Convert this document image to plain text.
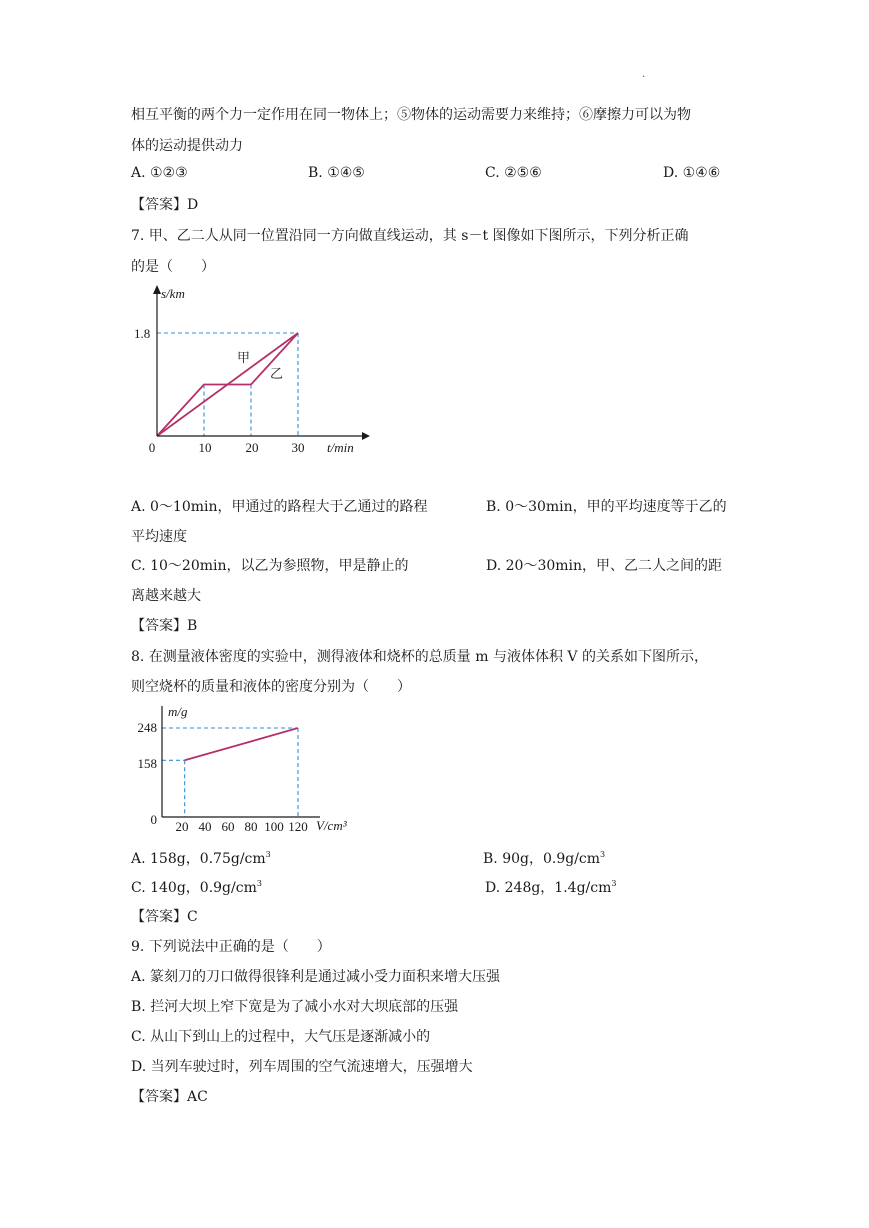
·
相互平衡的两个力一定作用在同一物体上；⑤物体的运动需要力来维持；⑥摩擦力可以为物
体的运动提供动力
A. ①②③	B. ①④⑤	C. ②⑤⑥	D. ①④⑥
【答案】D
7. 甲、乙二人从同一位置沿同一方向做直线运动，其 s－t 图像如下图所示，下列分析正确
的是（　　）
s/km
t/min
0	10	20	30
1.8
甲
乙
A. 0～10min，甲通过的路程大于乙通过的路程	B. 0～30min，甲的平均速度等于乙的
平均速度
C. 10～20min，以乙为参照物，甲是静止的	D. 20～30min，甲、乙二人之间的距
离越来越大
【答案】B
8. 在测量液体密度的实验中，测得液体和烧杯的总质量 m 与液体体积 V 的关系如下图所示，
则空烧杯的质量和液体的密度分别为（　　）
m/g
V/cm³
0
158
248
20 40 60 80 100 120
A. 158g，$0.75g/cm^3$	B. 90g，$0.9g/cm^3$
C. 140g，$0.9g/cm^3$	D. 248g，$1.4g/cm^3$
【答案】C
9. 下列说法中正确的是（　　）
A. 篆刻刀的刀口做得很锋利是通过减小受力面积来增大压强
B. 拦河大坝上窄下宽是为了减小水对大坝底部的压强
C. 从山下到山上的过程中，大气压是逐渐减小的
D. 当列车驶过时，列车周围的空气流速增大，压强增大
【答案】AC
